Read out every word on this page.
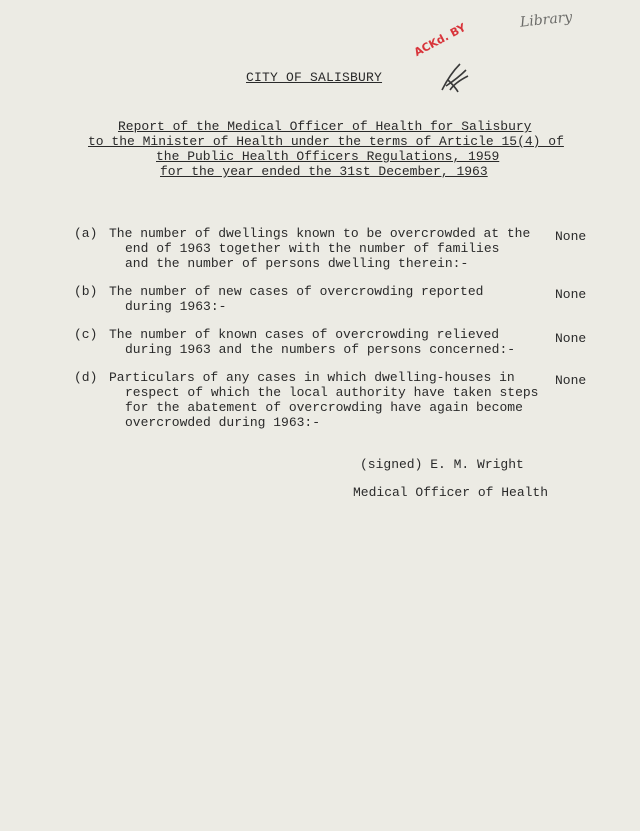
Library
CITY OF SALISBURY
ACKd. BY
Report of the Medical Officer of Health for Salisbury
to the Minister of Health under the terms of Article 15(4) of
the Public Health Officers Regulations, 1959
for the year ended the 31st December, 1963
(a) The number of dwellings known to be overcrowded at the
end of 1963 together with the number of families
and the number of persons dwelling therein:-
None
(b) The number of new cases of overcrowding reported
during 1963:-
None
(c) The number of known cases of overcrowding relieved
during 1963 and the numbers of persons concerned:-
None
(d) Particulars of any cases in which dwelling-houses in
respect of which the local authority have taken steps
for the abatement of overcrowding have again become
overcrowded during 1963:-
None
(signed) E. M. Wright
Medical Officer of Health
